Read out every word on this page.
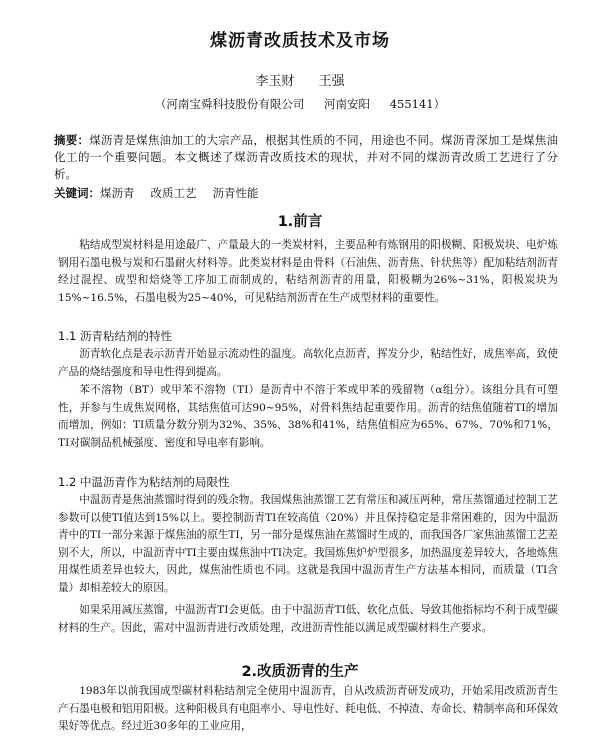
煤沥青改质技术及市场
李玉财 王强
（河南宝舜科技股份有限公司 河南安阳 455141）
摘要：煤沥青是煤焦油加工的大宗产品，根据其性质的不同，用途也不同。煤沥青深加工是煤焦油化工的一个重要问题。本文概述了煤沥青改质技术的现状，并对不同的煤沥青改质工艺进行了分析。
关键词：煤沥青 改质工艺 沥青性能
1.前言
粘结成型炭材料是用途最广、产量最大的一类炭材料，主要品种有炼钢用的阳极糊、阳极炭块、电炉炼钢用石墨电极与炭和石墨耐火材料等。此类炭材料是由骨料（石油焦、沥青焦、针状焦等）配加粘结剂沥青经过混捏、成型和焙烧等工序加工而制成的，粘结剂沥青的用量，阳极糊为26%~31%，阳极炭块为15%~16.5%，石墨电极为25~40%，可见粘结剂沥青在生产成型材料的重要性。
1.1 沥青粘结剂的特性
沥青软化点是表示沥青开始显示流动性的温度。高软化点沥青，挥发分少，粘结性好，成焦率高，致使产品的烧结强度和导电性得到提高。
苯不溶物（BT）或甲苯不溶物（TI）是沥青中不溶于苯或甲苯的残留物（α组分）。该组分具有可塑性，并参与生成焦炭网格，其结焦值可达90~95%，对骨料焦结起重要作用。沥青的结焦值随着TI的增加而增加，例如：TI质量分数分别为32%、35%、38%和41%，结焦值相应为65%、67%、70%和71%，TI对碳制品机械强度、密度和导电率有影响。
1.2 中温沥青作为粘结剂的局限性
中温沥青是焦油蒸馏时得到的残余物。我国煤焦油蒸馏工艺有常压和减压两种，常压蒸馏通过控制工艺参数可以使TI值达到15%以上。要控制沥青TI在较高值（20%）并且保持稳定是非常困难的，因为中温沥青中的TI一部分来源于煤焦油的原生TI，另一部分是煤焦油在蒸馏时生成的，而我国各厂家焦油蒸馏工艺差别不大，所以，中温沥青中TI主要由煤焦油中TI决定。我国炼焦炉炉型很多，加热温度差异较大，各地炼焦用煤性质差异也较大，因此，煤焦油性质也不同。这就是我国中温沥青生产方法基本相同，而质量（TI含量）却相差较大的原因。
如果采用减压蒸馏，中温沥青TI会更低。由于中温沥青TI低、软化点低、导致其他指标均不利于成型碳材料的生产。因此，需对中温沥青进行改质处理，改进沥青性能以满足成型碳材料生产要求。
2.改质沥青的生产
1983年以前我国成型碳材料粘结剂完全使用中温沥青，自从改质沥青研发成功，开始采用改质沥青生产石墨电极和铝用阳极。这种阳极具有电阻率小、导电性好、耗电低、不掉渣、寿命长、精制率高和环保效果好等优点。经过近30多年的工业应用，
